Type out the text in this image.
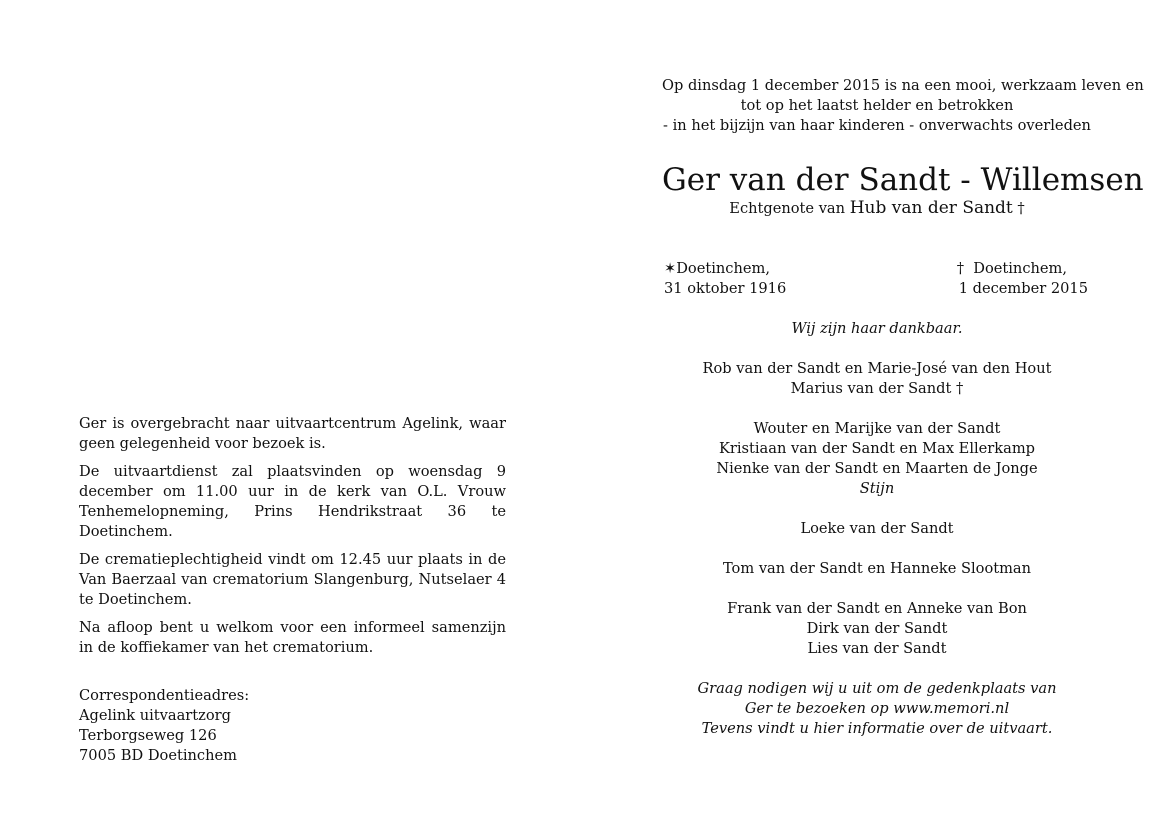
Ger is overgebracht naar uitvaartcentrum Agelink, waar geen gelegenheid voor bezoek is.

De uitvaartdienst zal plaatsvinden op woensdag 9 december om 11.00 uur in de kerk van O.L. Vrouw Tenhemelopneming, Prins Hendrikstraat 36 te Doetinchem.

De crematieplechtigheid vindt om 12.45 uur plaats in de Van Baerzaal van crematorium Slangenburg, Nutselaer 4 te Doetinchem.

Na afloop bent u welkom voor een informeel samenzijn in de koffiekamer van het crematorium.

Correspondentieadres:
Agelink uitvaartzorg
Terborgseweg 126
7005 BD Doetinchem
Op dinsdag 1 december 2015 is na een mooi, werkzaam leven en
tot op het laatst helder en betrokken
- in het bijzijn van haar kinderen - onverwachts overleden
Ger van der Sandt - Willemsen
Echtgenote van Hub van der Sandt †
✶Doetinchem,
31 oktober 1916
† Doetinchem,
1 december 2015
Wij zijn haar dankbaar.
Rob van der Sandt en Marie-José van den Hout
Marius van der Sandt †
Wouter en Marijke van der Sandt
Kristiaan van der Sandt en Max Ellerkamp
Nienke van der Sandt en Maarten de Jonge
Stijn
Loeke van der Sandt
Tom van der Sandt en Hanneke Slootman
Frank van der Sandt en Anneke van Bon
Dirk van der Sandt
Lies van der Sandt
Graag nodigen wij u uit om de gedenkplaats van
Ger te bezoeken op www.memori.nl
Tevens vindt u hier informatie over de uitvaart.
